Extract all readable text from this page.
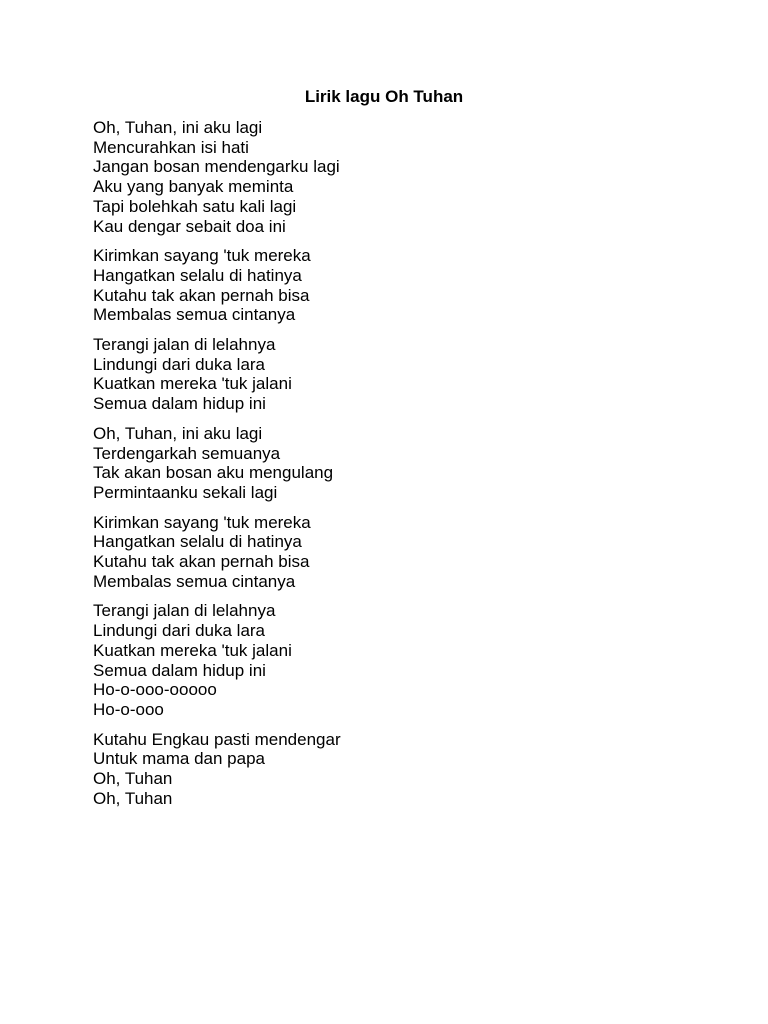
Lirik lagu Oh Tuhan
Oh, Tuhan, ini aku lagi
Mencurahkan isi hati
Jangan bosan mendengarku lagi
Aku yang banyak meminta
Tapi bolehkah satu kali lagi
Kau dengar sebait doa ini
Kirimkan sayang 'tuk mereka
Hangatkan selalu di hatinya
Kutahu tak akan pernah bisa
Membalas semua cintanya
Terangi jalan di lelahnya
Lindungi dari duka lara
Kuatkan mereka 'tuk jalani
Semua dalam hidup ini
Oh, Tuhan, ini aku lagi
Terdengarkah semuanya
Tak akan bosan aku mengulang
Permintaanku sekali lagi
Kirimkan sayang 'tuk mereka
Hangatkan selalu di hatinya
Kutahu tak akan pernah bisa
Membalas semua cintanya
Terangi jalan di lelahnya
Lindungi dari duka lara
Kuatkan mereka 'tuk jalani
Semua dalam hidup ini
Ho-o-ooo-ooooo
Ho-o-ooo
Kutahu Engkau pasti mendengar
Untuk mama dan papa
Oh, Tuhan
Oh, Tuhan
